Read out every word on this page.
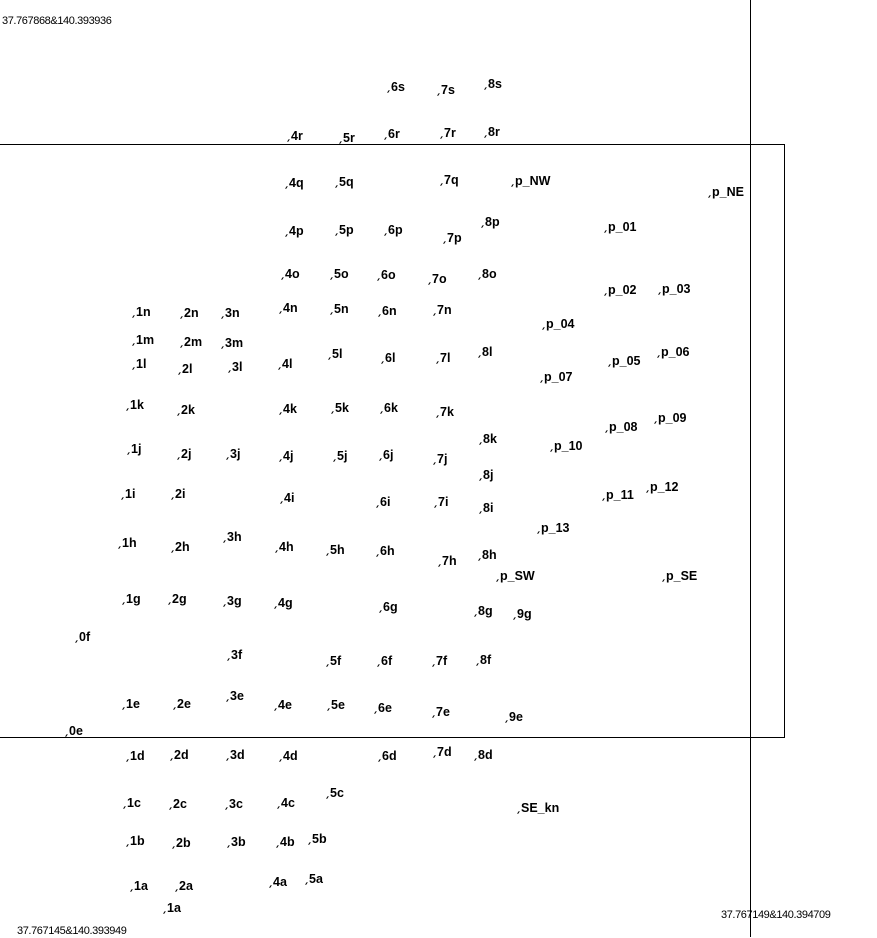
37.767868&140.393936
37.767145&140.393949
37.767149&140.394709
6s	7s	8s
4r	5r	6r	7r	8r
4q	5q	7q	p_NW
p_NE
4p	5p	6p
7p
8p	p_01
4o	5o	6o	7o	8o
p_02 p_03
1n	2n 3n	4n	5n	6n	7n
p_04
1m 2m 3m
1l	2l	3l	4l
5l	6l	7l	8l
p_05
p_06
p_07
1k	2k	4k	5k	6k	7k
8k
p_08
p_09
p_10
1j	2j	3j	4j	5j	6j	7j
8j
1i	2i	4i	6i	7i	8i
p_11
p_12
p_13
1h	2h
3h
4h	5h	6h
7h 8h
p_SW	p_SE
1g	2g	3g	4g	6g	8g 9g
0f
3f	5f	6f	7f	8f
1e	2e
3e
4e	5e	6e	7e	9e
0e
1d 2d	3d	4d	6d	7d 8d
1c	2c	3c	4c
5c
SE_kn
1b	2b	3b	4b 5b
1a 2a	4a 5a
1a
